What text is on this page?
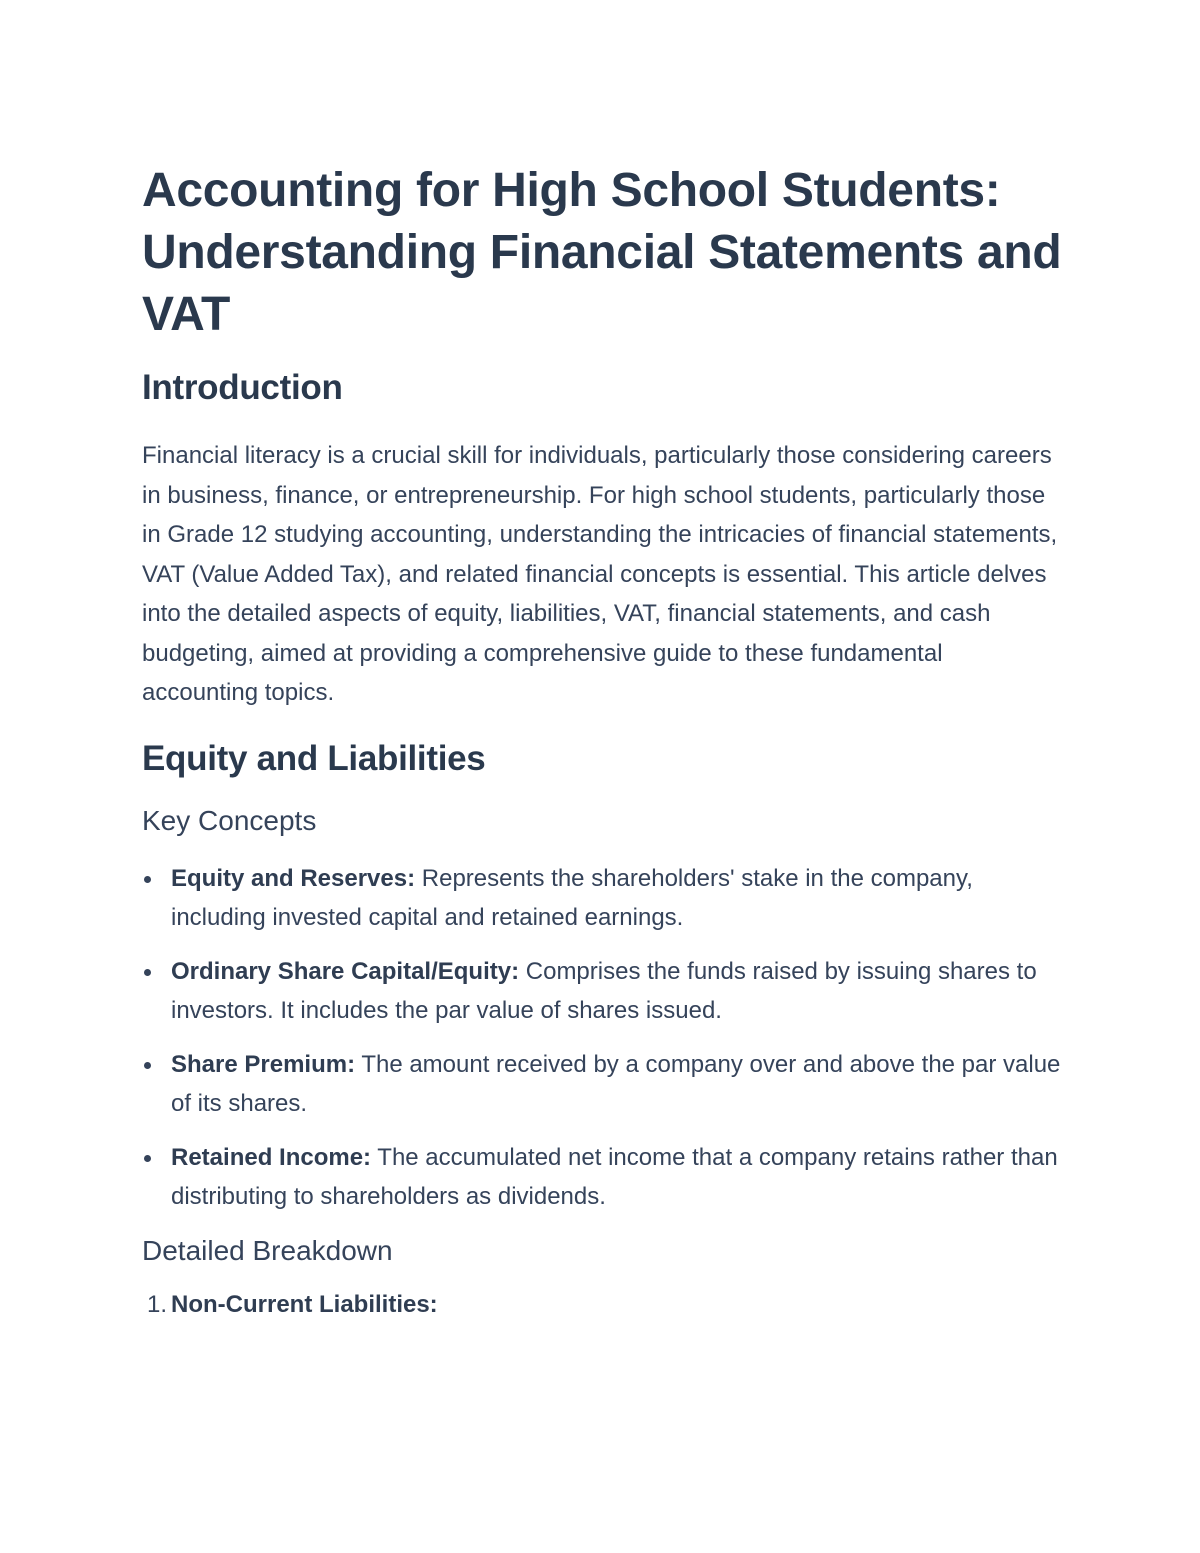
Accounting for High School Students: Understanding Financial Statements and VAT
Introduction

Financial literacy is a crucial skill for individuals, particularly those considering careers in business, finance, or entrepreneurship. For high school students, particularly those in Grade 12 studying accounting, understanding the intricacies of financial statements, VAT (Value Added Tax), and related financial concepts is essential. This article delves into the detailed aspects of equity, liabilities, VAT, financial statements, and cash budgeting, aimed at providing a comprehensive guide to these fundamental accounting topics.

Equity and Liabilities
Key Concepts
Equity and Reserves: Represents the shareholders' stake in the company, including invested capital and retained earnings.
Ordinary Share Capital/Equity: Comprises the funds raised by issuing shares to investors. It includes the par value of shares issued.
Share Premium: The amount received by a company over and above the par value of its shares.
Retained Income: The accumulated net income that a company retains rather than distributing to shareholders as dividends.
Detailed Breakdown
1. Non-Current Liabilities:
